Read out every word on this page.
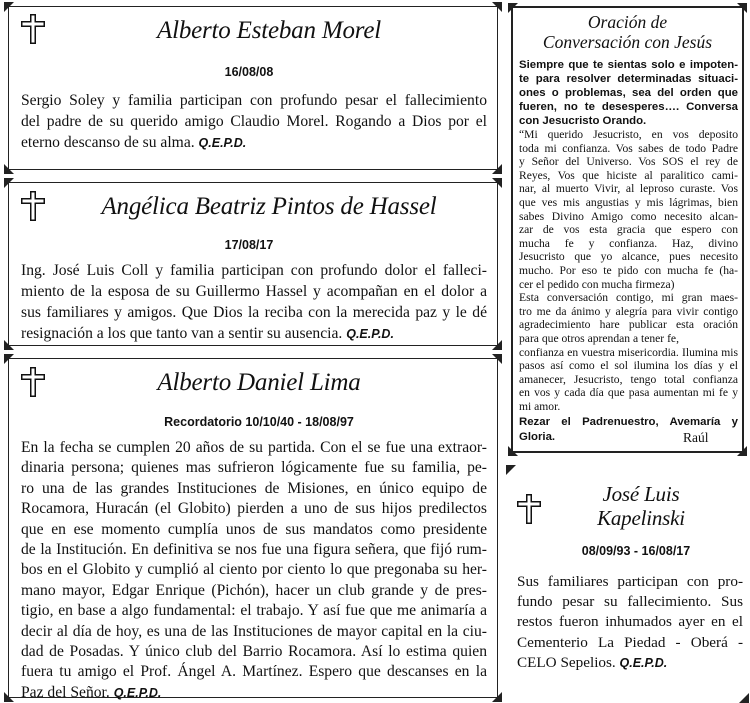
Alberto Esteban Morel
16/08/08
Sergio Soley y familia participan con profundo pesar el fallecimiento
del padre de su querido amigo Claudio Morel. Rogando a Dios por el
eterno descanso de su alma. Q.E.P.D.
Angélica Beatriz Pintos de Hassel
17/08/17
Ing. José Luis Coll y familia participan con profundo dolor el falleci-
miento de la esposa de su Guillermo Hassel y acompañan en el dolor a
sus familiares y amigos. Que Dios la reciba con la merecida paz y le dé
resignación a los que tanto van a sentir su ausencia. Q.E.P.D.
Alberto Daniel Lima
Recordatorio 10/10/40 - 18/08/97
En la fecha se cumplen 20 años de su partida. Con el se fue una extraor-
dinaria persona; quienes mas sufrieron lógicamente fue su familia, pe-
ro una de las grandes Instituciones de Misiones, en único equipo de
Rocamora, Huracán (el Globito) pierden a uno de sus hijos predilectos
que en ese momento cumplía unos de sus mandatos como presidente
de la Institución. En definitiva se nos fue una figura señera, que fijó rum-
bos en el Globito y cumplió al ciento por ciento lo que pregonaba su her-
mano mayor, Edgar Enrique (Pichón), hacer un club grande y de pres-
tigio, en base a algo fundamental: el trabajo. Y así fue que me animaría a
decir al día de hoy, es una de las Instituciones de mayor capital en la ciu-
dad de Posadas. Y único club del Barrio Rocamora. Así lo estima quien
fuera tu amigo el Prof. Ángel A. Martínez. Espero que descanses en la
Paz del Señor. Q.E.P.D.
Oración de
Conversación con Jesús
Siempre que te sientas solo e impoten-
te para resolver determinadas situaci-
ones o problemas, sea del orden que
fueren, no te desesperes…. Conversa
con Jesucristo Orando.
“Mi querido Jesucristo, en vos deposito
toda mi confianza. Vos sabes de todo Padre
y Señor del Universo. Vos SOS el rey de
Reyes, Vos que hiciste al paralitico cami-
nar, al muerto Vivir, al leproso curaste. Vos
que ves mis angustias y mis lágrimas, bien
sabes Divino Amigo como necesito alcan-
zar de vos esta gracia que espero con
mucha fe y confianza. Haz, divino
Jesucristo que yo alcance, pues necesito
mucho. Por eso te pido con mucha fe (ha-
cer el pedido con mucha firmeza)
Esta conversación contigo, mi gran maes-
tro me da ánimo y alegría para vivir contigo
agradecimiento hare publicar esta oración
para que otros aprendan a tener fe,
confianza en vuestra misericordia. Ilumina mis
pasos así como el sol ilumina los días y el
amanecer, Jesucristo, tengo total confianza
en vos y cada día que pasa aumentan mi fe y
mi amor.
Rezar el Padrenuestro, Avemaría y
Gloria.	Raúl
José Luis
Kapelinski
08/09/93 - 16/08/17
Sus familiares participan con pro-
fundo pesar su fallecimiento. Sus
restos fueron inhumados ayer en el
Cementerio La Piedad - Oberá -
CELO Sepelios. Q.E.P.D.
